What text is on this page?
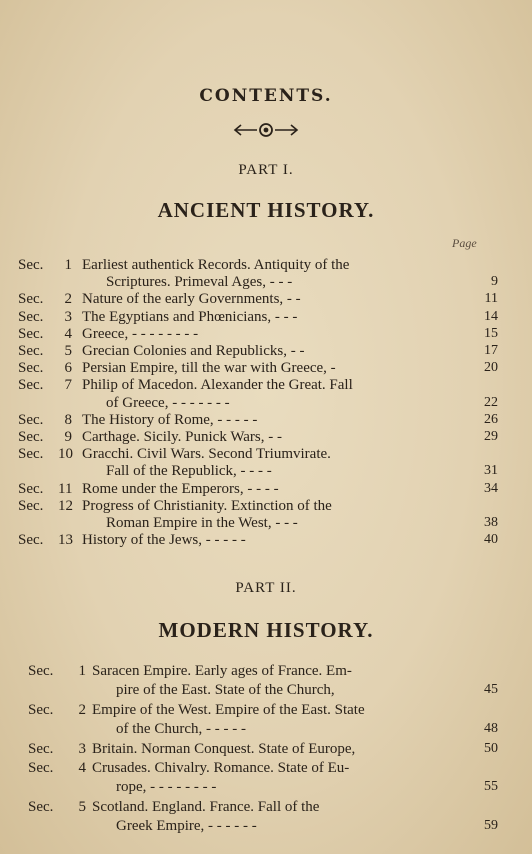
CONTENTS.
PART I.
ANCIENT HISTORY.
Page
Sec.	1 Earliest authentick Records. Antiquity of the
Scriptures. Primeval Ages, - - -	9
Sec.	2 Nature of the early Governments, - -	11
Sec.	3 The Egyptians and Phœnicians, - - -	14
Sec.	4 Greece, - - - - - - - -	15
Sec.	5 Grecian Colonies and Republicks, - -	17
Sec.	6 Persian Empire, till the war with Greece, -	20
Sec.	7 Philip of Macedon. Alexander the Great. Fall
of Greece, - - - - - - -	22
Sec.	8 The History of Rome, - - - - -	26
Sec.	9 Carthage. Sicily. Punick Wars, - -	29
Sec. 10 Gracchi. Civil Wars. Second Triumvirate.
Fall of the Republick, - - - -	31
Sec. 11 Rome under the Emperors, - - - -	34
Sec. 12 Progress of Christianity. Extinction of the
Roman Empire in the West, - - -	38
Sec. 13 History of the Jews, - - - - -	40
PART II.
MODERN HISTORY.
Sec.	1 Saracen Empire. Early ages of France. Em-
pire of the East. State of the Church,	45
Sec.	2 Empire of the West. Empire of the East. State
of the Church, - - - - -	48
Sec.	3 Britain. Norman Conquest. State of Europe,	50
Sec.	4 Crusades. Chivalry. Romance. State of Eu-
rope, - - - - - - - -	55
Sec.	5 Scotland. England. France. Fall of the
Greek Empire, - - - - - -	59
